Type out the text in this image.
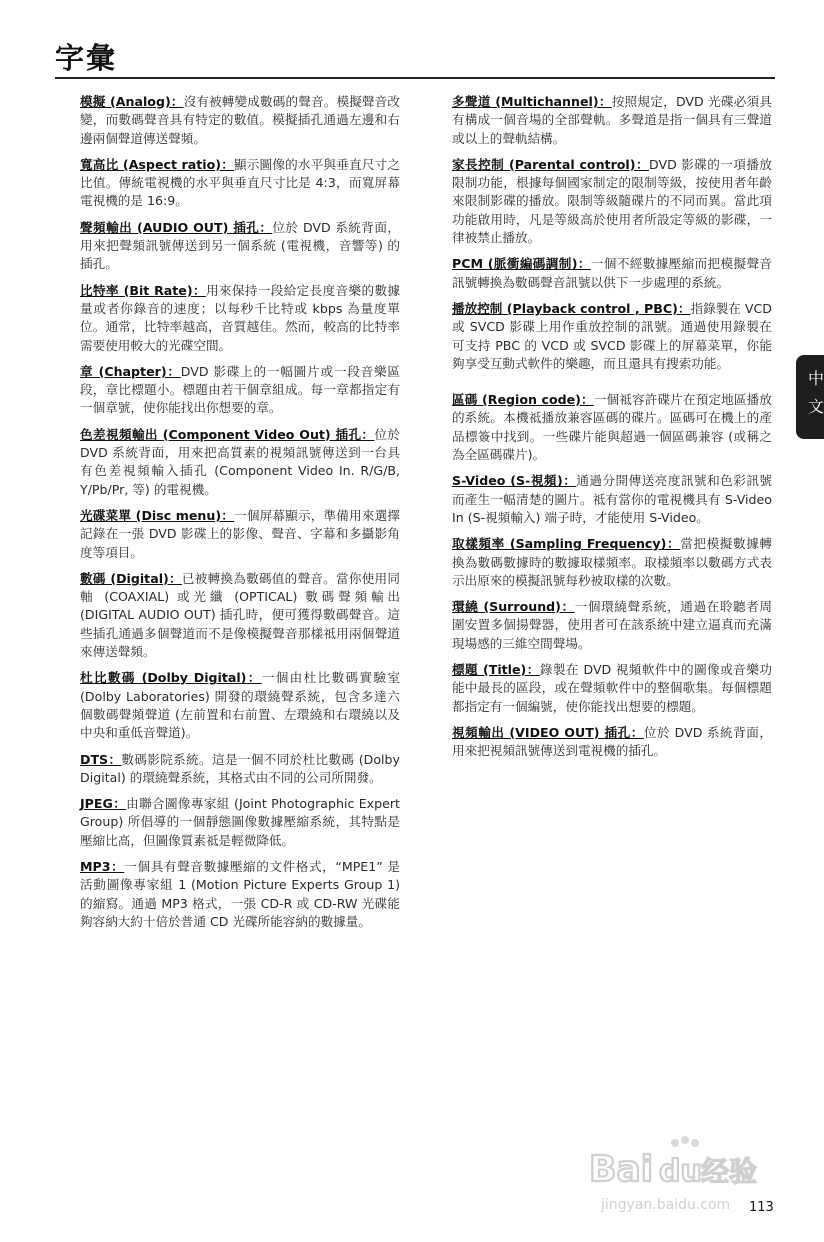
字彙

模擬 (Analog)：沒有被轉變成數碼的聲音。模擬聲音改變，而數碼聲音具有特定的數值。模擬插孔通過左邊和右邊兩個聲道傳送聲頻。

寬高比 (Aspect ratio)：顯示圖像的水平與垂直尺寸之比值。傳統電視機的水平與垂直尺寸比是 4:3，而寬屏幕電視機的是 16:9。

聲頻輸出 (AUDIO OUT) 插孔：位於 DVD 系統背面，用來把聲頻訊號傳送到另一個系統 (電視機，音響等) 的插孔。

比特率 (Bit Rate)：用來保持一段給定長度音樂的數據量或者你錄音的速度；以每秒千比特或 kbps 為量度單位。通常，比特率越高，音質越佳。然而，較高的比特率需要使用較大的光碟空間。

章 (Chapter)：DVD 影碟上的一幅圖片或一段音樂區段，章比標題小。標題由若干個章組成。每一章都指定有一個章號，使你能找出你想要的章。

色差視頻輸出 (Component Video Out) 插孔：位於 DVD 系統背面，用來把高質素的視頻訊號傳送到一台具有色差視頻輸入插孔 (Component Video In. R/G/B, Y/Pb/Pr, 等) 的電視機。

光碟菜單 (Disc menu)：一個屏幕顯示，準備用來選擇記錄在一張 DVD 影碟上的影像、聲音、字幕和多攝影角度等項目。

數碼 (Digital)：已被轉換為數碼值的聲音。當你使用同軸 (COAXIAL) 或光纖 (OPTICAL) 數碼聲頻輸出 (DIGITAL AUDIO OUT) 插孔時，便可獲得數碼聲音。這些插孔通過多個聲道而不是像模擬聲音那樣祗用兩個聲道來傳送聲頻。

杜比數碼 (Dolby Digital)：一個由杜比數碼實驗室 (Dolby Laboratories) 開發的環繞聲系統，包含多達六個數碼聲頻聲道 (左前置和右前置、左環繞和右環繞以及中央和重低音聲道)。

DTS：數碼影院系統。這是一個不同於杜比數碼 (Dolby Digital) 的環繞聲系統，其格式由不同的公司所開發。

JPEG：由聯合圖像專家組 (Joint Photographic Expert Group) 所倡導的一個靜態圖像數據壓縮系統，其特點是壓縮比高，但圖像質素祗是輕微降低。

MP3：一個具有聲音數據壓縮的文件格式，“MPE1” 是活動圖像專家組 1 (Motion Picture Experts Group 1) 的縮寫。通過 MP3 格式，一張 CD-R 或 CD-RW 光碟能夠容納大約十倍於普通 CD 光碟所能容納的數據量。

多聲道 (Multichannel)：按照規定，DVD 光碟必須具有構成一個音場的全部聲軌。多聲道是指一個具有三聲道或以上的聲軌結構。

家長控制 (Parental control)：DVD 影碟的一項播放限制功能，根據每個國家制定的限制等級，按使用者年齡來限制影碟的播放。限制等級隨碟片的不同而異。當此項功能啟用時，凡是等級高於使用者所設定等級的影碟，一律被禁止播放。

PCM (脈衝編碼調制)：一個不經數據壓縮而把模擬聲音訊號轉換為數碼聲音訊號以供下一步處理的系統。

播放控制 (Playback control , PBC)：指錄製在 VCD 或 SVCD 影碟上用作重放控制的訊號。通過使用錄製在可支持 PBC 的 VCD 或 SVCD 影碟上的屏幕菜單，你能夠享受互動式軟件的樂趣，而且還具有搜索功能。

區碼 (Region code)：一個祗容許碟片在預定地區播放的系統。本機祗播放兼容區碼的碟片。區碼可在機上的產品標簽中找到。一些碟片能與超過一個區碼兼容 (或稱之為全區碼碟片)。

S-Video (S-視頻)：通過分開傳送亮度訊號和色彩訊號而產生一幅清楚的圖片。祗有當你的電視機具有 S-Video In (S-視頻輸入) 端子時，才能使用 S-Video。

取樣頻率 (Sampling Frequency)：當把模擬數據轉換為數碼數據時的數據取樣頻率。取樣頻率以數碼方式表示出原來的模擬訊號每秒被取樣的次數。

環繞 (Surround)：一個環繞聲系統，通過在聆聽者周圍安置多個揚聲器，使用者可在該系統中建立逼真而充滿現場感的三維空間聲場。

標題 (Title)：錄製在 DVD 視頻軟件中的圖像或音樂功能中最長的區段，或在聲頻軟件中的整個歌集。每個標題都指定有一個編號，使你能找出想要的標題。

視頻輸出 (VIDEO OUT) 插孔：位於 DVD 系統背面，用來把視頻訊號傳送到電視機的插孔。

中文
Bai du 经验
jingyan.baidu.com 113
